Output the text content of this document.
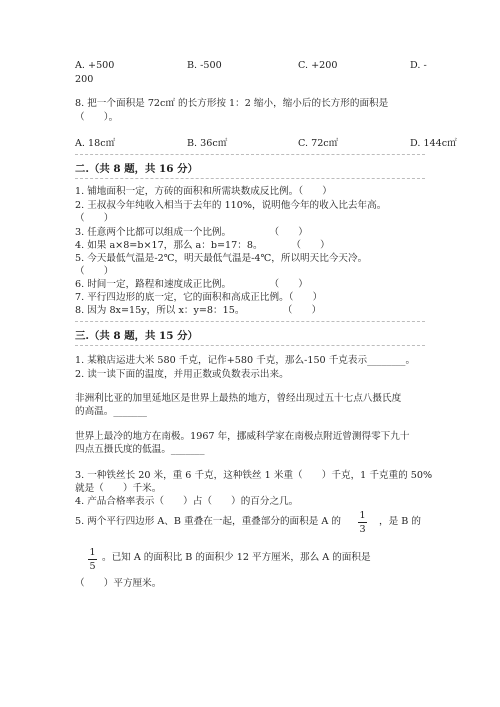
A. +500	B. -500	C. +200	D. -
200
8. 把一个面积是 72c㎡ 的长方形按 1：2 缩小，缩小后的长方形的面积是
（　　）。
A. 18c㎡	B. 36c㎡	C. 72c㎡	D. 144c㎡
二.（共 8 题，共 16 分）
1. 铺地面积一定，方砖的面积和所需块数成反比例。（　　）
2. 王叔叔今年纯收入相当于去年的 110%，说明他今年的收入比去年高。
（　　）
3. 任意两个比都可以组成一个比例。　　　　　（　　）
4. 如果 a×8=b×17，那么 a：b=17：8。　　　　（　　）
5. 今天最低气温是-2℃，明天最低气温是-4℃，所以明天比今天冷。
（　　）
6. 时间一定，路程和速度成正比例。　　　　　（　　）
7. 平行四边形的底一定，它的面积和高成正比例。（　　）
8. 因为 8x=15y，所以 x：y=8：15。　　　　　（　　）
三.（共 8 题，共 15 分）
1. 某粮店运进大米 580 千克，记作+580 千克，那么-150 千克表示________。
2. 读一读下面的温度，并用正数或负数表示出来。
非洲利比亚的加里延地区是世界上最热的地方，曾经出现过五十七点八摄氏度
的高温。_______
世界上最冷的地方在南极。1967 年，挪威科学家在南极点附近曾测得零下九十
四点五摄氏度的低温。_______
3. 一种铁丝长 20 米，重 6 千克，这种铁丝 1 米重（　　）千克，1 千克重的 50%
就是（　　）千米。
4. 产品合格率表示（　　）占（　　）的百分之几。
5. 两个平行四边形 A、B 重叠在一起，重叠部分的面积是 A 的
1
3
，是 B 的
1
5
。已知 A 的面积比 B 的面积少 12 平方厘米，那么 A 的面积是
（　　）平方厘米。
